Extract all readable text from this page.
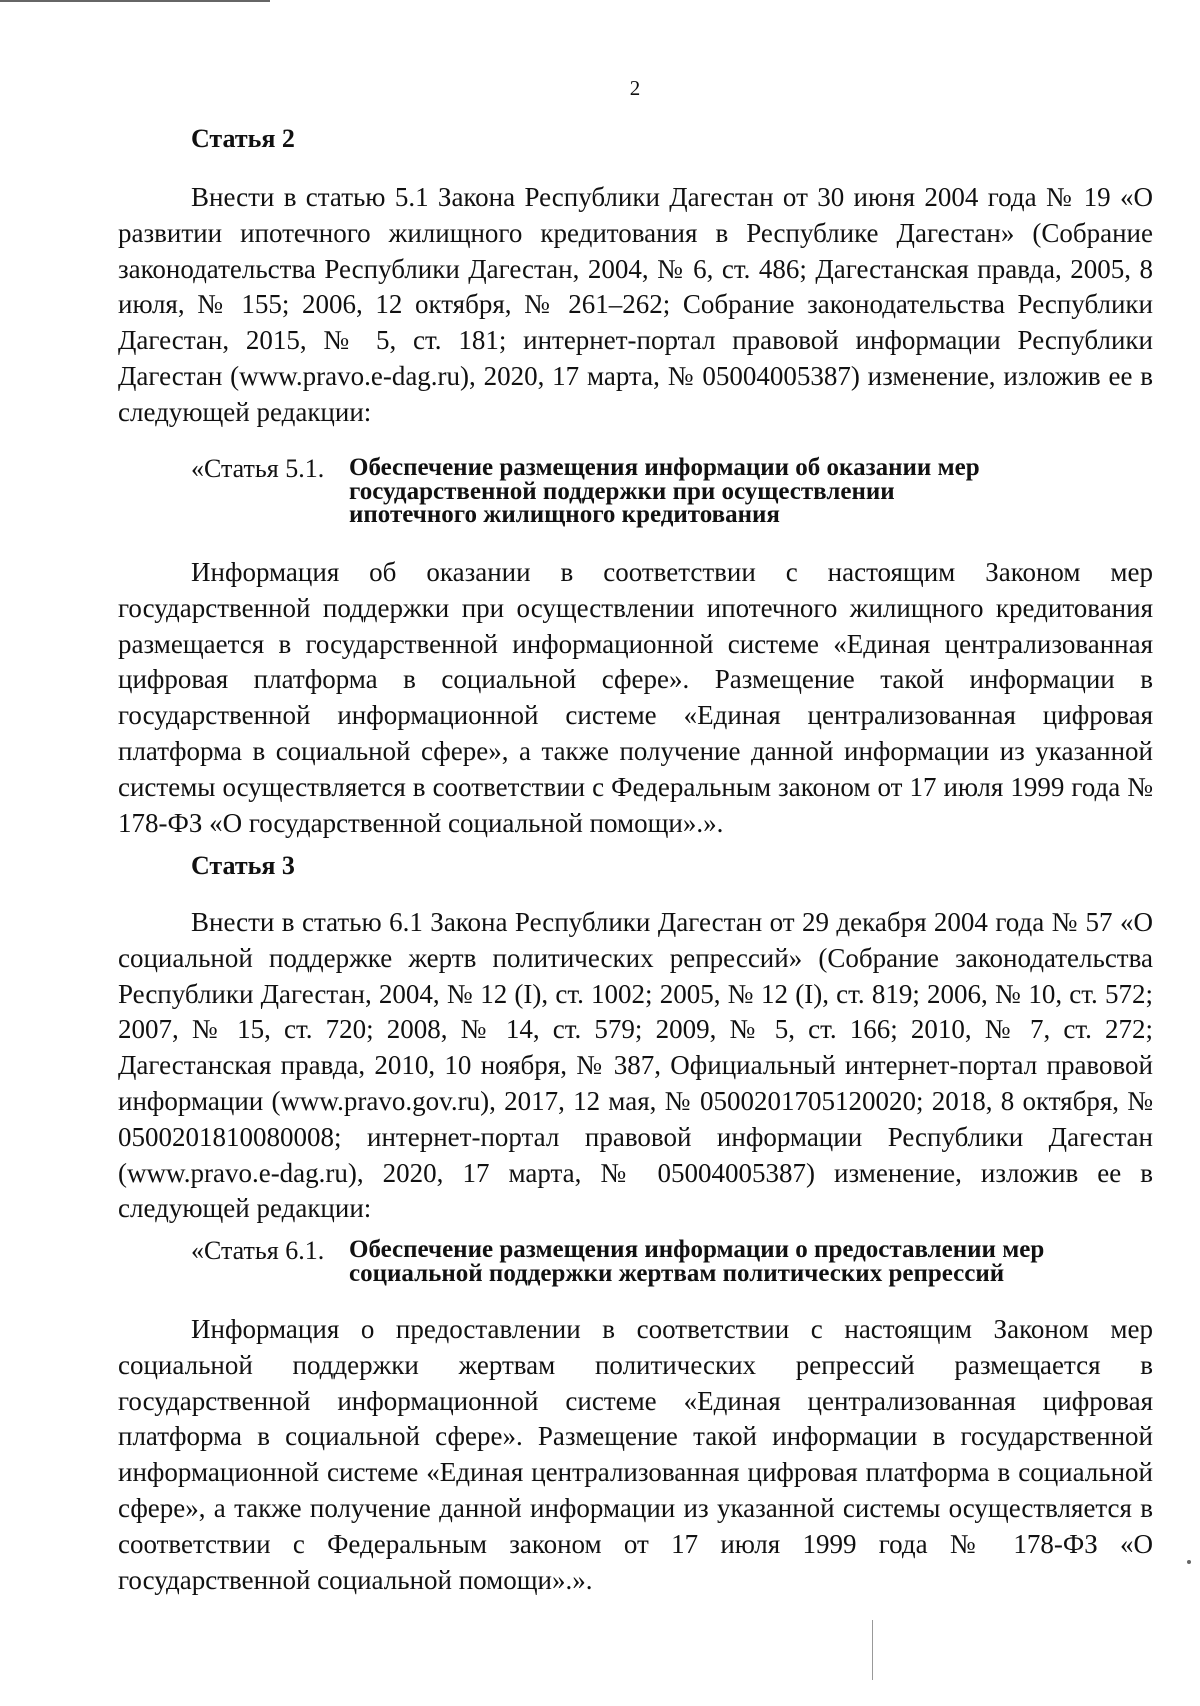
2
Статья 2

Внести в статью 5.1 Закона Республики Дагестан от 30 июня 2004 года № 19 «О развитии ипотечного жилищного кредитования в Республике Дагестан» (Собрание законодательства Республики Дагестан, 2004, № 6, ст. 486; Дагестанская правда, 2005, 8 июля, № 155; 2006, 12 октября, № 261–262; Собрание законодательства Республики Дагестан, 2015, № 5, ст. 181; интернет-портал правовой информации Республики Дагестан (www.pravo.e-dag.ru), 2020, 17 марта, № 05004005387) изменение, изложив ее в следующей редакции:

«Статья 5.1. Обеспечение размещения информации об оказании мер
государственной поддержки при осуществлении
ипотечного жилищного кредитования

Информация об оказании в соответствии с настоящим Законом мер государственной поддержки при осуществлении ипотечного жилищного кредитования размещается в государственной информационной системе «Единая централизованная цифровая платформа в социальной сфере». Размещение такой информации в государственной информационной системе «Единая централизованная цифровая платформа в социальной сфере», а также получение данной информации из указанной системы осуществляется в соответствии с Федеральным законом от 17 июля 1999 года № 178-ФЗ «О государственной социальной помощи».».

Статья 3

Внести в статью 6.1 Закона Республики Дагестан от 29 декабря 2004 года № 57 «О социальной поддержке жертв политических репрессий» (Собрание законодательства Республики Дагестан, 2004, № 12 (I), ст. 1002; 2005, № 12 (I), ст. 819; 2006, № 10, ст. 572; 2007, № 15, ст. 720; 2008, № 14, ст. 579; 2009, № 5, ст. 166; 2010, № 7, ст. 272; Дагестанская правда, 2010, 10 ноября, № 387, Официальный интернет-портал правовой информации (www.pravo.gov.ru), 2017, 12 мая, № 0500201705120020; 2018, 8 октября, № 0500201810080008; интернет-портал правовой информации Республики Дагестан (www.pravo.e-dag.ru), 2020, 17 марта, № 05004005387) изменение, изложив ее в следующей редакции:

«Статья 6.1. Обеспечение размещения информации о предоставлении мер
социальной поддержки жертвам политических репрессий

Информация о предоставлении в соответствии с настоящим Законом мер социальной поддержки жертвам политических репрессий размещается в государственной информационной системе «Единая централизованная цифровая платформа в социальной сфере». Размещение такой информации в государственной информационной системе «Единая централизованная цифровая платформа в социальной сфере», а также получение данной информации из указанной системы осуществляется в соответствии с Федеральным законом от 17 июля 1999 года № 178-ФЗ «О государственной социальной помощи».».
